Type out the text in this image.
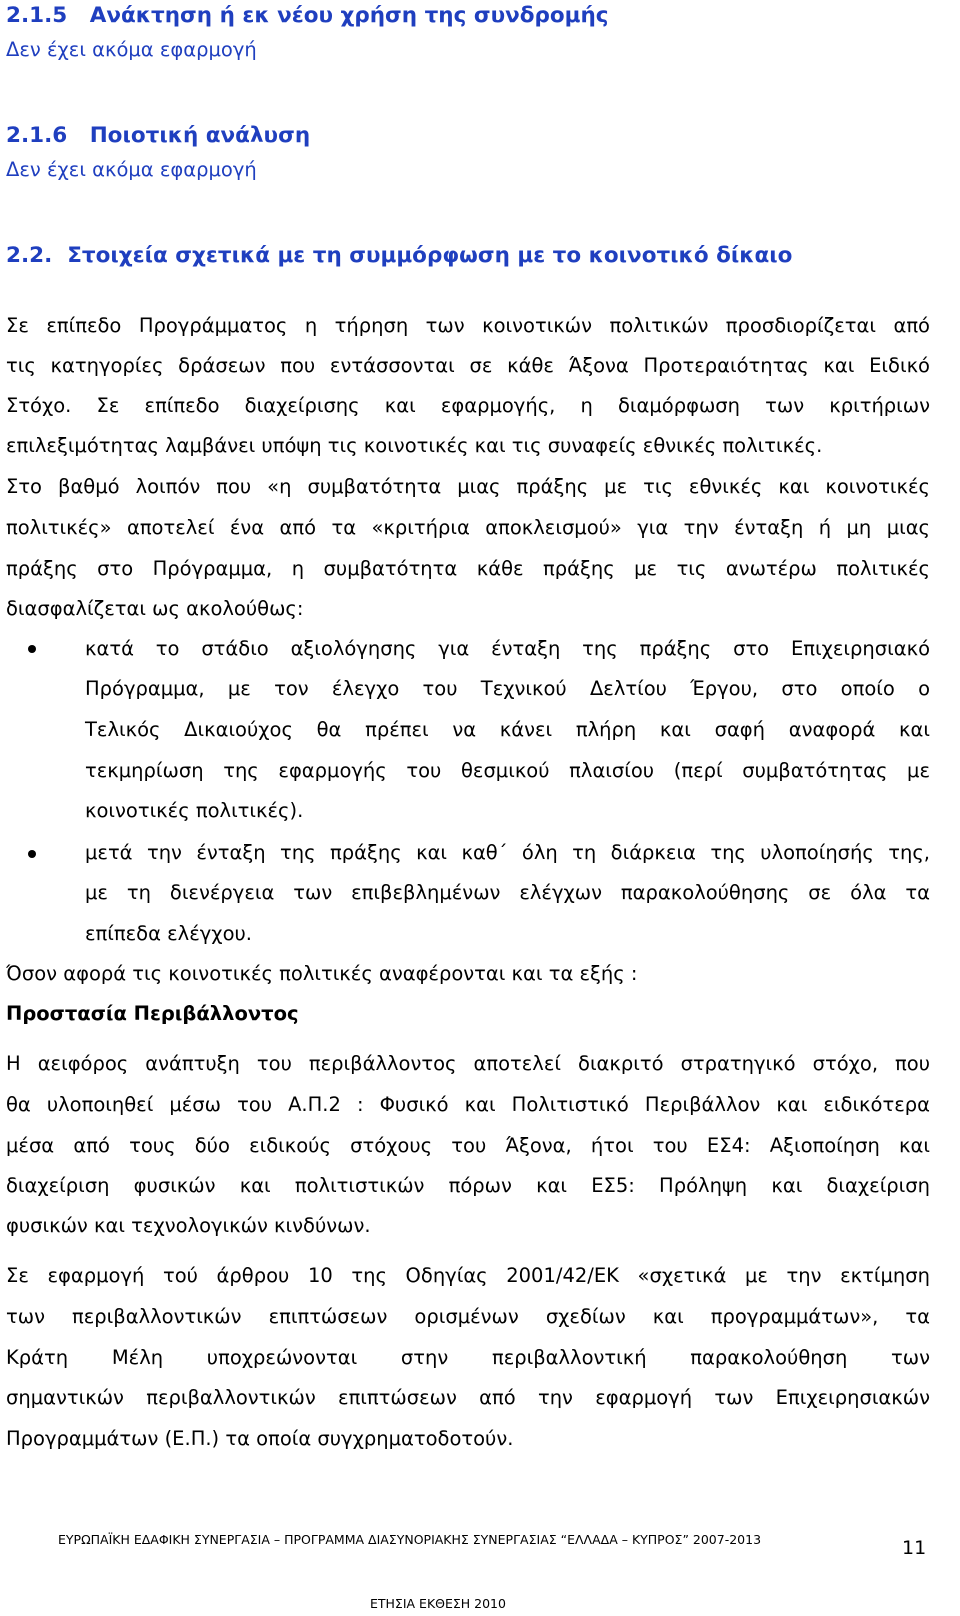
2.1.5 Ανάκτηση ή εκ νέου χρήση της συνδρομής
Δεν έχει ακόμα εφαρμογή
2.1.6 Ποιοτική ανάλυση
Δεν έχει ακόμα εφαρμογή
2.2. Στοιχεία σχετικά με τη συμμόρφωση με το κοινοτικό δίκαιο
Σε επίπεδο Προγράμματος η τήρηση των κοινοτικών πολιτικών προσδιορίζεται από
τις κατηγορίες δράσεων που εντάσσονται σε κάθε Άξονα Προτεραιότητας και Ειδικό
Στόχο. Σε επίπεδο διαχείρισης και εφαρμογής, η διαμόρφωση των κριτήριων
επιλεξιμότητας λαμβάνει υπόψη τις κοινοτικές και τις συναφείς εθνικές πολιτικές.
Στο βαθμό λοιπόν που «η συμβατότητα μιας πράξης με τις εθνικές και κοινοτικές
πολιτικές» αποτελεί ένα από τα «κριτήρια αποκλεισμού» για την ένταξη ή μη μιας
πράξης στο Πρόγραμμα, η συμβατότητα κάθε πράξης με τις ανωτέρω πολιτικές
διασφαλίζεται ως ακολούθως:
κατά το στάδιο αξιολόγησης για ένταξη της πράξης στο Επιχειρησιακό
Πρόγραμμα, με τον έλεγχο του Τεχνικού Δελτίου Έργου, στο οποίο ο
Τελικός Δικαιούχος θα πρέπει να κάνει πλήρη και σαφή αναφορά και
τεκμηρίωση της εφαρμογής του θεσμικού πλαισίου (περί συμβατότητας με
κοινοτικές πολιτικές).
μετά την ένταξη της πράξης και καθ΄ όλη τη διάρκεια της υλοποίησής της,
με τη διενέργεια των επιβεβλημένων ελέγχων παρακολούθησης σε όλα τα
επίπεδα ελέγχου.
Όσον αφορά τις κοινοτικές πολιτικές αναφέρονται και τα εξής :
Προστασία Περιβάλλοντος
Η αειφόρος ανάπτυξη του περιβάλλοντος αποτελεί διακριτό στρατηγικό στόχο, που
θα υλοποιηθεί μέσω του Α.Π.2 : Φυσικό και Πολιτιστικό Περιβάλλον και ειδικότερα
μέσα από τους δύο ειδικούς στόχους του Άξονα, ήτοι του ΕΣ4: Αξιοποίηση και
διαχείριση φυσικών και πολιτιστικών πόρων και ΕΣ5: Πρόληψη και διαχείριση
φυσικών και τεχνολογικών κινδύνων.
Σε εφαρμογή τού άρθρου 10 της Οδηγίας 2001/42/ΕΚ «σχετικά με την εκτίμηση
των περιβαλλοντικών επιπτώσεων ορισμένων σχεδίων και προγραμμάτων», τα
Κράτη Μέλη υποχρεώνονται στην περιβαλλοντική παρακολούθηση των
σημαντικών περιβαλλοντικών επιπτώσεων από την εφαρμογή των Επιχειρησιακών
Προγραμμάτων (Ε.Π.) τα οποία συγχρηματοδοτούν.
ΕΥΡΩΠΑΪΚΗ ΕΔΑΦΙΚΗ ΣΥΝΕΡΓΑΣΙΑ – ΠΡΟΓΡΑΜΜΑ ΔΙΑΣΥΝΟΡΙΑΚΗΣ ΣΥΝΕΡΓΑΣΙΑΣ “ΕΛΛΑΔΑ – ΚΥΠΡΟΣ” 2007-2013
ΕΤΗΣΙΑ ΕΚΘΕΣΗ 2010
11
